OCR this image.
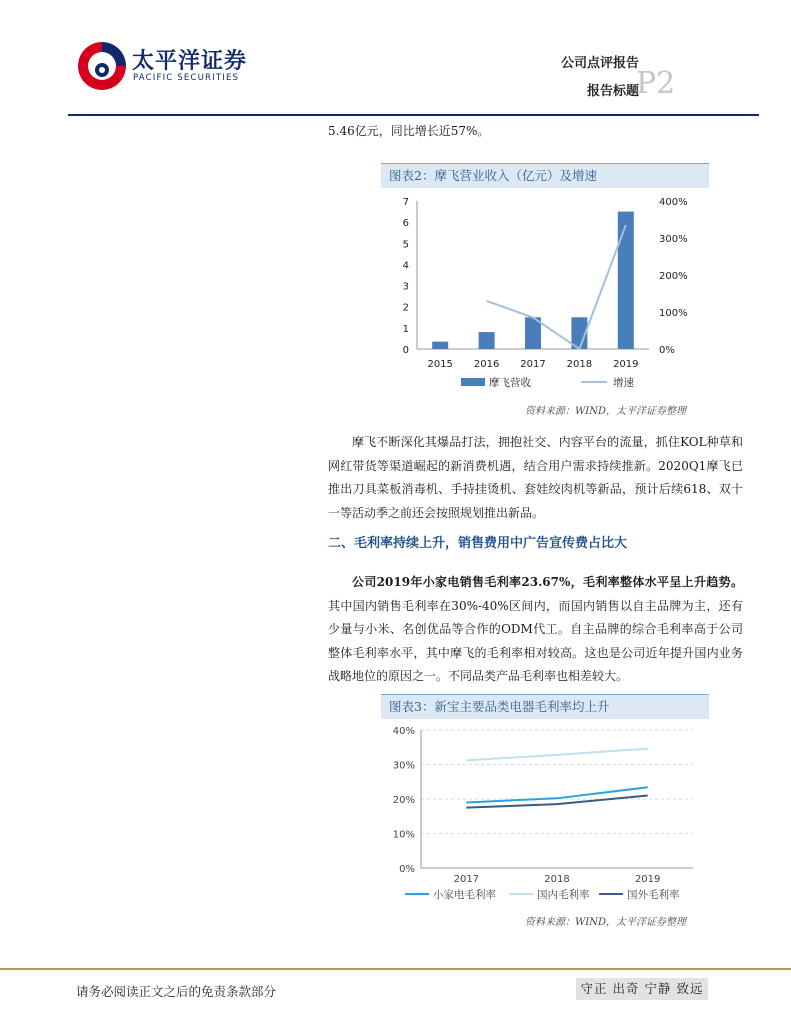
太平洋证券
PACIFIC SECURITIES
公司点评报告
报告标题
P2
5.46亿元，同比增长近57%。
图表2：摩飞营业收入（亿元）及增速
0
1
2
3
4
5
6
7
0%
100%
200%
300%
400%
2015 2016 2017 2018 2019
摩飞营收	增速
资料来源：WIND，太平洋证券整理
摩飞不断深化其爆品打法，拥抱社交、内容平台的流量，抓住KOL种草和网红带货等渠道崛起的新消费机遇，结合用户需求持续推新。2020Q1摩飞已推出刀具菜板消毒机、手持挂烫机、套娃绞肉机等新品，预计后续618、双十一等活动季之前还会按照规划推出新品。
二、毛利率持续上升，销售费用中广告宣传费占比大
公司2019年小家电销售毛利率23.67%，毛利率整体水平呈上升趋势。其中国内销售毛利率在30%-40%区间内，而国内销售以自主品牌为主，还有少量与小米、名创优品等合作的ODM代工。自主品牌的综合毛利率高于公司整体毛利率水平，其中摩飞的毛利率相对较高。这也是公司近年提升国内业务战略地位的原因之一。不同品类产品毛利率也相差较大。
图表3：新宝主要品类电器毛利率均上升
0%
10%
20%
30%
40%
2017	2018	2019
小家电毛利率	国内毛利率	国外毛利率
资料来源：WIND，太平洋证券整理
请务必阅读正文之后的免责条款部分	守正 出奇 宁静 致远
